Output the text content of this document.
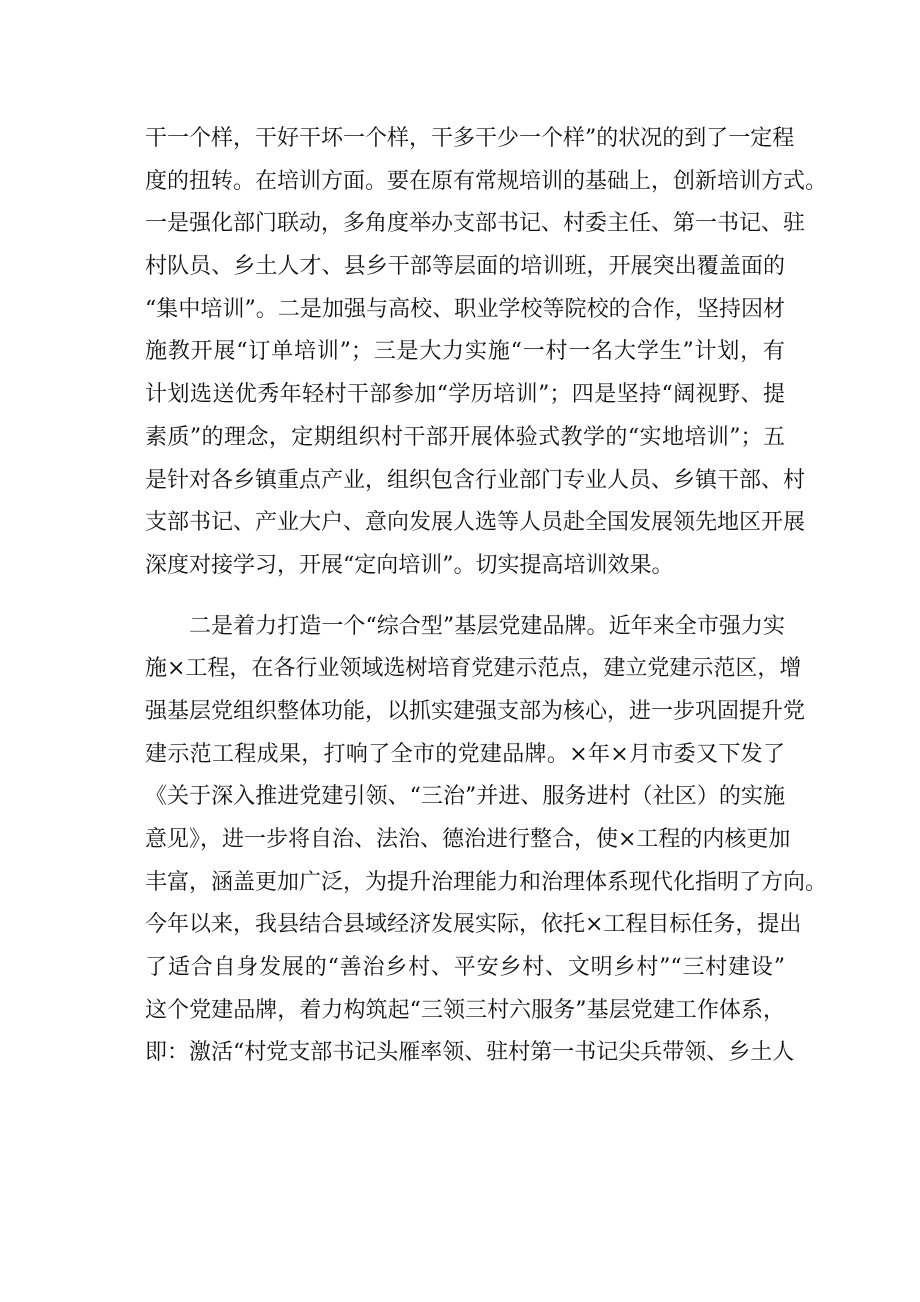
干一个样，干好干坏一个样，干多干少一个样”的状况的到了一定程
度的扭转。在培训方面。要在原有常规培训的基础上，创新培训方式。
一是强化部门联动，多角度举办支部书记、村委主任、第一书记、驻
村队员、乡土人才、县乡干部等层面的培训班，开展突出覆盖面的
“集中培训”。二是加强与高校、职业学校等院校的合作，坚持因材
施教开展“订单培训”；三是大力实施“一村一名大学生”计划，有
计划选送优秀年轻村干部参加“学历培训”；四是坚持“阔视野、提
素质”的理念，定期组织村干部开展体验式教学的“实地培训”；五
是针对各乡镇重点产业，组织包含行业部门专业人员、乡镇干部、村
支部书记、产业大户、意向发展人选等人员赴全国发展领先地区开展
深度对接学习，开展“定向培训”。切实提高培训效果。
二是着力打造一个“综合型”基层党建品牌。近年来全市强力实
施×工程，在各行业领域选树培育党建示范点，建立党建示范区，增
强基层党组织整体功能，以抓实建强支部为核心，进一步巩固提升党
建示范工程成果，打响了全市的党建品牌。×年×月市委又下发了
《关于深入推进党建引领、“三治”并进、服务进村（社区）的实施
意见》，进一步将自治、法治、德治进行整合，使×工程的内核更加
丰富，涵盖更加广泛，为提升治理能力和治理体系现代化指明了方向。
今年以来，我县结合县域经济发展实际，依托×工程目标任务，提出
了适合自身发展的“善治乡村、平安乡村、文明乡村”“三村建设”
这个党建品牌，着力构筑起“三领三村六服务”基层党建工作体系，
即：激活“村党支部书记头雁率领、驻村第一书记尖兵带领、乡土人
